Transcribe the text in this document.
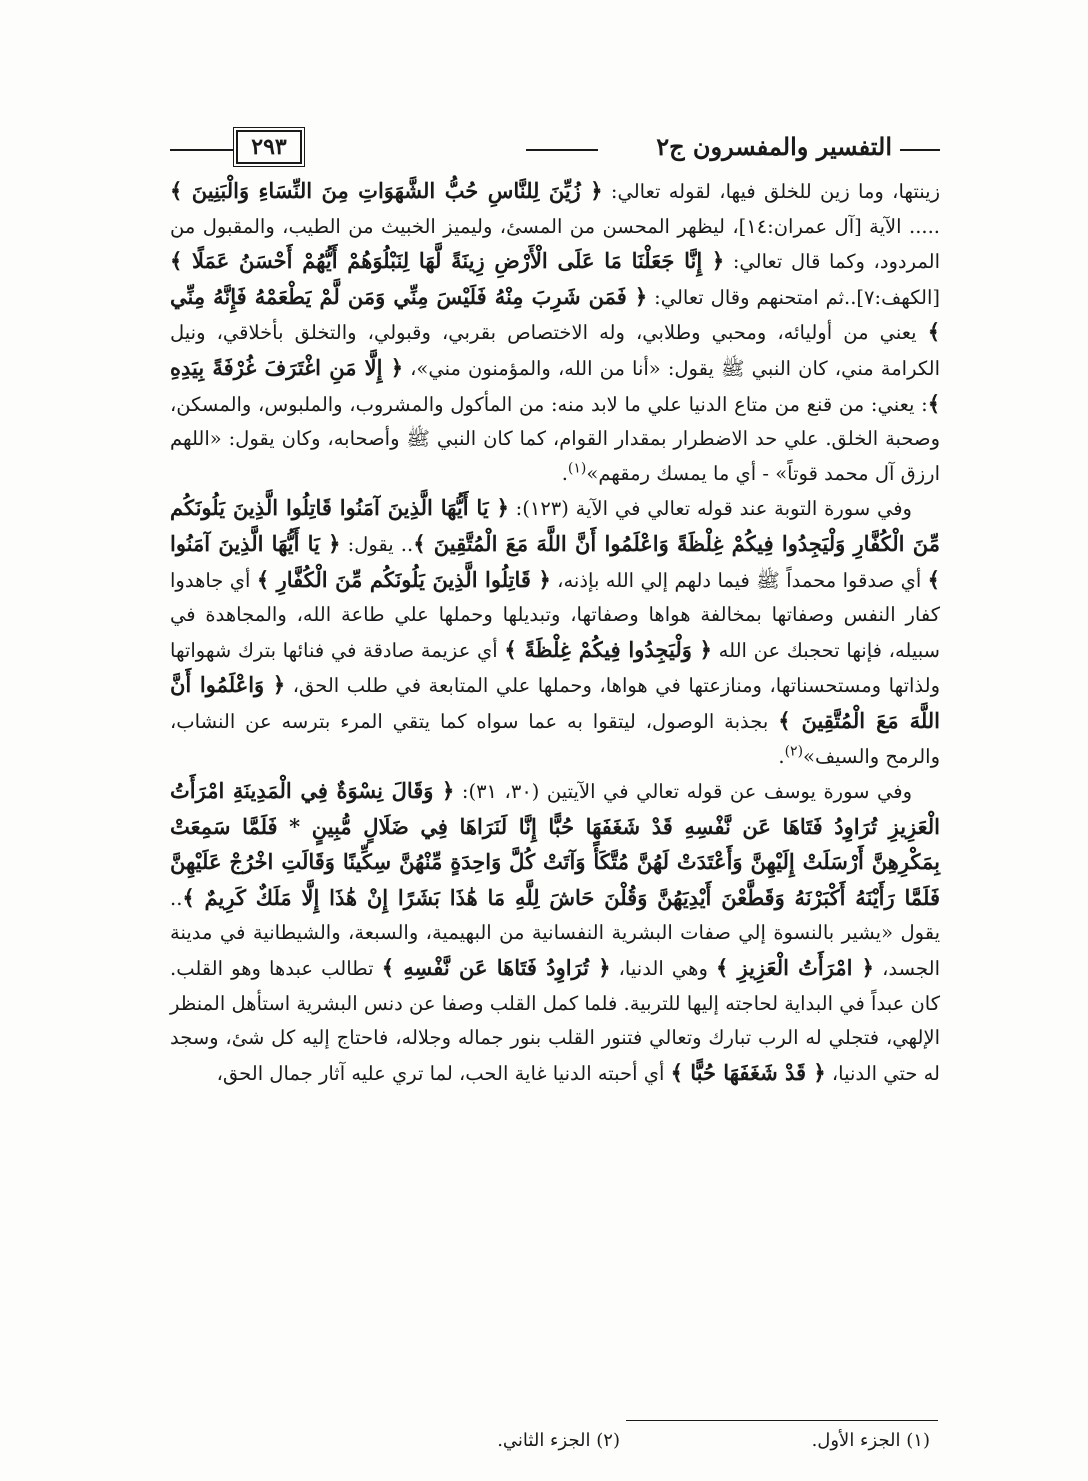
التفسير والمفسرون ج٢
٢٩٣

زينتها، وما زين للخلق فيها، لقوله تعالي: ﴿ زُيِّنَ لِلنَّاسِ حُبُّ الشَّهَوَاتِ مِنَ النِّسَاءِ وَالْبَنِينَ ﴾ ..... الآية [آل عمران:١٤]، ليظهر المحسن من المسئ، وليميز الخبيث من الطيب، والمقبول من المردود، وكما قال تعالي: ﴿ إِنَّا جَعَلْنَا مَا عَلَى الْأَرْضِ زِينَةً لَّهَا لِنَبْلُوَهُمْ أَيُّهُمْ أَحْسَنُ عَمَلًا ﴾ [الكهف:٧]..ثم امتحنهم وقال تعالي: ﴿ فَمَن شَرِبَ مِنْهُ فَلَيْسَ مِنِّي وَمَن لَّمْ يَطْعَمْهُ فَإِنَّهُ مِنِّي ﴾ يعني من أوليائه، ومحبي وطلابي، وله الاختصاص بقربي، وقبولي، والتخلق بأخلاقي، ونيل الكرامة مني، كان النبي ﷺ يقول: «أنا من الله، والمؤمنون مني»، ﴿ إِلَّا مَنِ اغْتَرَفَ غُرْفَةً بِيَدِهِ ﴾: يعني: من قنع من متاع الدنيا علي ما لابد منه: من المأكول والمشروب، والملبوس، والمسكن، وصحبة الخلق. علي حد الاضطرار بمقدار القوام، كما كان النبي ﷺ وأصحابه، وكان يقول: «اللهم ارزق آل محمد قوتاً» - أي ما يمسك رمقهم»$^{(١)}$.

وفي سورة التوبة عند قوله تعالي في الآية (١٢٣): ﴿ يَا أَيُّهَا الَّذِينَ آمَنُوا قَاتِلُوا الَّذِينَ يَلُونَكُم مِّنَ الْكُفَّارِ وَلْيَجِدُوا فِيكُمْ غِلْظَةً وَاعْلَمُوا أَنَّ اللَّهَ مَعَ الْمُتَّقِينَ ﴾.. يقول: ﴿ يَا أَيُّهَا الَّذِينَ آمَنُوا ﴾ أي صدقوا محمداً ﷺ فيما دلهم إلي الله بإذنه، ﴿ قَاتِلُوا الَّذِينَ يَلُونَكُم مِّنَ الْكُفَّارِ ﴾ أي جاهدوا كفار النفس وصفاتها بمخالفة هواها وصفاتها، وتبديلها وحملها علي طاعة الله، والمجاهدة في سبيله، فإنها تحجبك عن الله ﴿ وَلْيَجِدُوا فِيكُمْ غِلْظَةً ﴾ أي عزيمة صادقة في فنائها بترك شهواتها ولذاتها ومستحسناتها، ومنازعتها في هواها، وحملها علي المتابعة في طلب الحق، ﴿ وَاعْلَمُوا أَنَّ اللَّهَ مَعَ الْمُتَّقِينَ ﴾ بجذبة الوصول، ليتقوا به عما سواه كما يتقي المرء بترسه عن النشاب، والرمح والسيف»$^{(٢)}$.

وفي سورة يوسف عن قوله تعالي في الآيتين (٣٠، ٣١): ﴿ وَقَالَ نِسْوَةٌ فِي الْمَدِينَةِ امْرَأَتُ الْعَزِيزِ تُرَاوِدُ فَتَاهَا عَن نَّفْسِهِ قَدْ شَغَفَهَا حُبًّا إِنَّا لَنَرَاهَا فِي ضَلَالٍ مُّبِينٍ * فَلَمَّا سَمِعَتْ بِمَكْرِهِنَّ أَرْسَلَتْ إِلَيْهِنَّ وَأَعْتَدَتْ لَهُنَّ مُتَّكَأً وَآتَتْ كُلَّ وَاحِدَةٍ مِّنْهُنَّ سِكِّينًا وَقَالَتِ اخْرُجْ عَلَيْهِنَّ فَلَمَّا رَأَيْنَهُ أَكْبَرْنَهُ وَقَطَّعْنَ أَيْدِيَهُنَّ وَقُلْنَ حَاشَ لِلَّهِ مَا هَٰذَا بَشَرًا إِنْ هَٰذَا إِلَّا مَلَكٌ كَرِيمٌ ﴾.. يقول «يشير بالنسوة إلي صفات البشرية النفسانية من البهيمية، والسبعة، والشيطانية في مدينة الجسد، ﴿ امْرَأَتُ الْعَزِيزِ ﴾ وهي الدنيا، ﴿ تُرَاوِدُ فَتَاهَا عَن نَّفْسِهِ ﴾ تطالب عبدها وهو القلب. كان عبداً في البداية لحاجته إليها للتربية. فلما كمل القلب وصفا عن دنس البشرية استأهل المنظر الإلهي، فتجلي له الرب تبارك وتعالي فتنور القلب بنور جماله وجلاله، فاحتاج إليه كل شئ، وسجد له حتي الدنيا، ﴿ قَدْ شَغَفَهَا حُبًّا ﴾ أي أحبته الدنيا غاية الحب، لما تري عليه آثار جمال الحق،

(١) الجزء الأول.
(٢) الجزء الثاني.
